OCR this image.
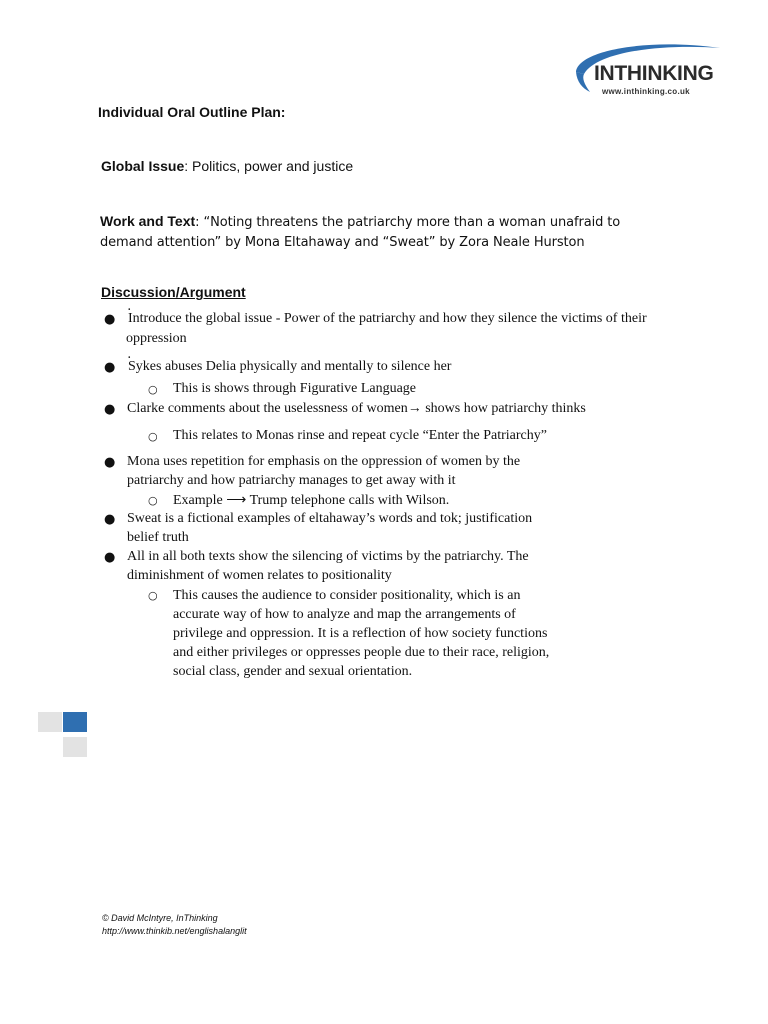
INTHINKING
www.inthinking.co.uk
Individual Oral Outline Plan:
Global Issue: Politics, power and justice
Work and Text: “Noting threatens the patriarchy more than a woman unafraid to
demand attention” by Mona Eltahaway and “Sweat” by Zora Neale Hurston
Discussion/Argument
.
● Introduce the global issue - Power of the patriarchy and how they silence the victims of their
oppression
.
● Sykes abuses Delia physically and mentally to silence her
○ This is shows through Figurative Language
● Clarke comments about the uselessness of women→ shows how patriarchy thinks
○ This relates to Monas rinse and repeat cycle “Enter the Patriarchy”
● Mona uses repetition for emphasis on the oppression of women by the
patriarchy and how patriarchy manages to get away with it
○ Example ⟶ Trump telephone calls with Wilson.
● Sweat is a fictional examples of eltahaway’s words and tok; justification
belief truth
● All in all both texts show the silencing of victims by the patriarchy. The
diminishment of women relates to positionality
○ This causes the audience to consider positionality, which is an
accurate way of how to analyze and map the arrangements of
privilege and oppression. It is a reflection of how society functions
and either privileges or oppresses people due to their race, religion,
social class, gender and sexual orientation.
© David McIntyre, InThinking
http://www.thinkib.net/englishalanglit
